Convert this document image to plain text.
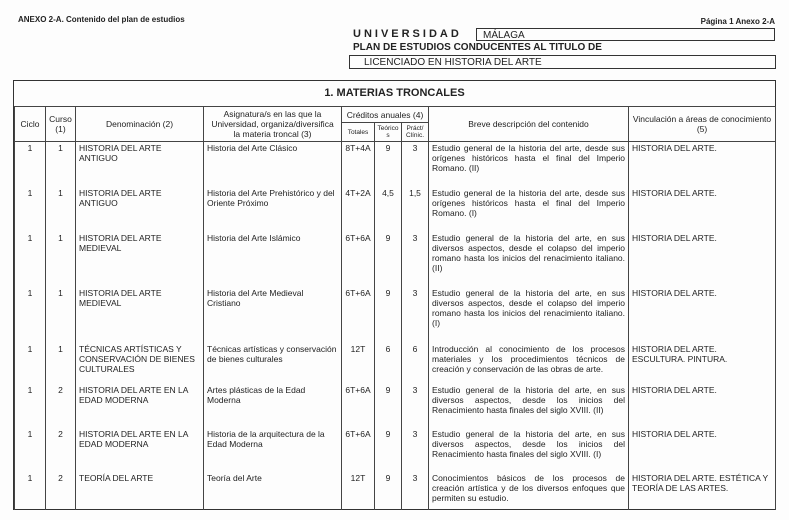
ANEXO 2-A. Contenido del plan de estudios	Página 1 Anexo 2-A
UNIVERSIDAD	MÁLAGA
PLAN DE ESTUDIOS CONDUCENTES AL TITULO DE
LICENCIADO EN HISTORIA DEL ARTE
1. MATERIAS TRONCALES
Ciclo	Curso (1)	Denominación (2)	Asignatura/s en las que la Universidad, organiza/diversifica la materia troncal (3)	Créditos anuales (4)			Breve descripción del contenido	Vinculación a áreas de conocimiento (5)
				Totales	Teórico s	Práct/ Clínic.		
1	1	HISTORIA DEL ARTE ANTIGUO	Historia del Arte Clásico	8T+4A	9	3	Estudio general de la historia del arte, desde sus orígenes históricos hasta el final del Imperio Romano. (II)	HISTORIA DEL ARTE.
1	1	HISTORIA DEL ARTE ANTIGUO	Historia del Arte Prehistórico y del Oriente Próximo	4T+2A	4,5	1,5	Estudio general de la historia del arte, desde sus orígenes históricos hasta el final del Imperio Romano. (I)	HISTORIA DEL ARTE.
1	1	HISTORIA DEL ARTE MEDIEVAL	Historia del Arte Islámico	6T+6A	9	3	Estudio general de la historia del arte, en sus diversos aspectos, desde el colapso del imperio romano hasta los inicios del renacimiento italiano. (II)	HISTORIA DEL ARTE.
1	1	HISTORIA DEL ARTE MEDIEVAL	Historia del Arte Medieval Cristiano	6T+6A	9	3	Estudio general de la historia del arte, en sus diversos aspectos, desde el colapso del imperio romano hasta los inicios del renacimiento italiano. (I)	HISTORIA DEL ARTE.
1	1	TÉCNICAS ARTÍSTICAS Y CONSERVACIÓN DE BIENES CULTURALES	Técnicas artísticas y conservación de bienes culturales	12T	6	6	Introducción al conocimiento de los procesos materiales y los procedimientos técnicos de creación y conservación de las obras de arte.	HISTORIA DEL ARTE. ESCULTURA. PINTURA.
1	2	HISTORIA DEL ARTE EN LA EDAD MODERNA	Artes plásticas de la Edad Moderna	6T+6A	9	3	Estudio general de la historia del arte, en sus diversos aspectos, desde los inicios del Renacimiento hasta finales del siglo XVIII. (II)	HISTORIA DEL ARTE.
1	2	HISTORIA DEL ARTE EN LA EDAD MODERNA	Historia de la arquitectura de la Edad Moderna	6T+6A	9	3	Estudio general de la historia del arte, en sus diversos aspectos, desde los inicios del Renacimiento hasta finales del siglo XVIII. (I)	HISTORIA DEL ARTE.
1	2	TEORÍA DEL ARTE	Teoría del Arte	12T	9	3	Conocimientos básicos de los procesos de creación artística y de los diversos enfoques que permiten su estudio.	HISTORIA DEL ARTE. ESTÉTICA Y TEORÍA DE LAS ARTES.
